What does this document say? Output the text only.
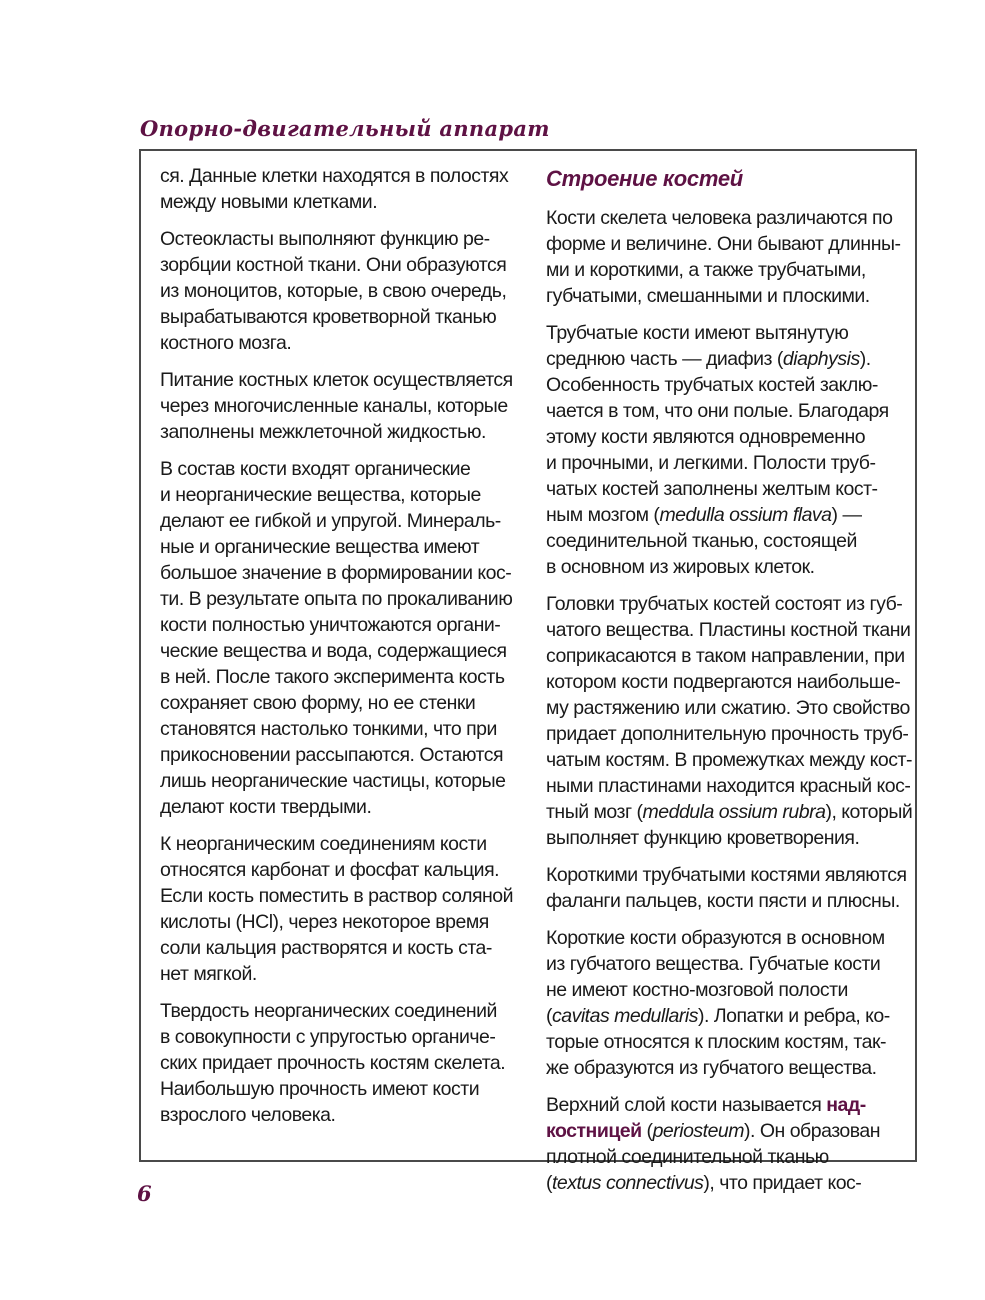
Опорно-двигательный аппарат

ся. Данные клетки находятся в полостях
между новыми клетками.

Остеокласты выполняют функцию ре-
зорбции костной ткани. Они образуются
из моноцитов, которые, в свою очередь,
вырабатываются кроветворной тканью
костного мозга.

Питание костных клеток осуществляется
через многочисленные каналы, которые
заполнены межклеточной жидкостью.

В состав кости входят органические
и неорганические вещества, которые
делают ее гибкой и упругой. Минераль-
ные и органические вещества имеют
большое значение в формировании кос-
ти. В результате опыта по прокаливанию
кости полностью уничтожаются органи-
ческие вещества и вода, содержащиеся
в ней. После такого эксперимента кость
сохраняет свою форму, но ее стенки
становятся настолько тонкими, что при
прикосновении рассыпаются. Остаются
лишь неорганические частицы, которые
делают кости твердыми.

К неорганическим соединениям кости
относятся карбонат и фосфат кальция.
Если кость поместить в раствор соляной
кислоты (HCl), через некоторое время
соли кальция растворятся и кость ста-
нет мягкой.

Твердость неорганических соединений
в совокупности с упругостью органиче-
ских придает прочность костям скелета.
Наибольшую прочность имеют кости
взрослого человека.

Строение костей

Кости скелета человека различаются по
форме и величине. Они бывают длинны-
ми и короткими, а также трубчатыми,
губчатыми, смешанными и плоскими.

Трубчатые кости имеют вытянутую
среднюю часть — диафиз (diaphysis).
Особенность трубчатых костей заклю-
чается в том, что они полые. Благодаря
этому кости являются одновременно
и прочными, и легкими. Полости труб-
чатых костей заполнены желтым кост-
ным мозгом (medulla ossium flava) —
соединительной тканью, состоящей
в основном из жировых клеток.

Головки трубчатых костей состоят из губ-
чатого вещества. Пластины костной ткани
соприкасаются в таком направлении, при
котором кости подвергаются наибольше-
му растяжению или сжатию. Это свойство
придает дополнительную прочность труб-
чатым костям. В промежутках между кост-
ными пластинами находится красный кос-
тный мозг (meddula ossium rubra), который
выполняет функцию кроветворения.

Короткими трубчатыми костями являются
фаланги пальцев, кости пясти и плюсны.

Короткие кости образуются в основном
из губчатого вещества. Губчатые кости
не имеют костно-мозговой полости
(cavitas medullaris). Лопатки и ребра, ко-
торые относятся к плоским костям, так-
же образуются из губчатого вещества.

Верхний слой кости называется над-
костницей (periosteum). Он образован
плотной соединительной тканью
(textus connectivus), что придает кос-

6
